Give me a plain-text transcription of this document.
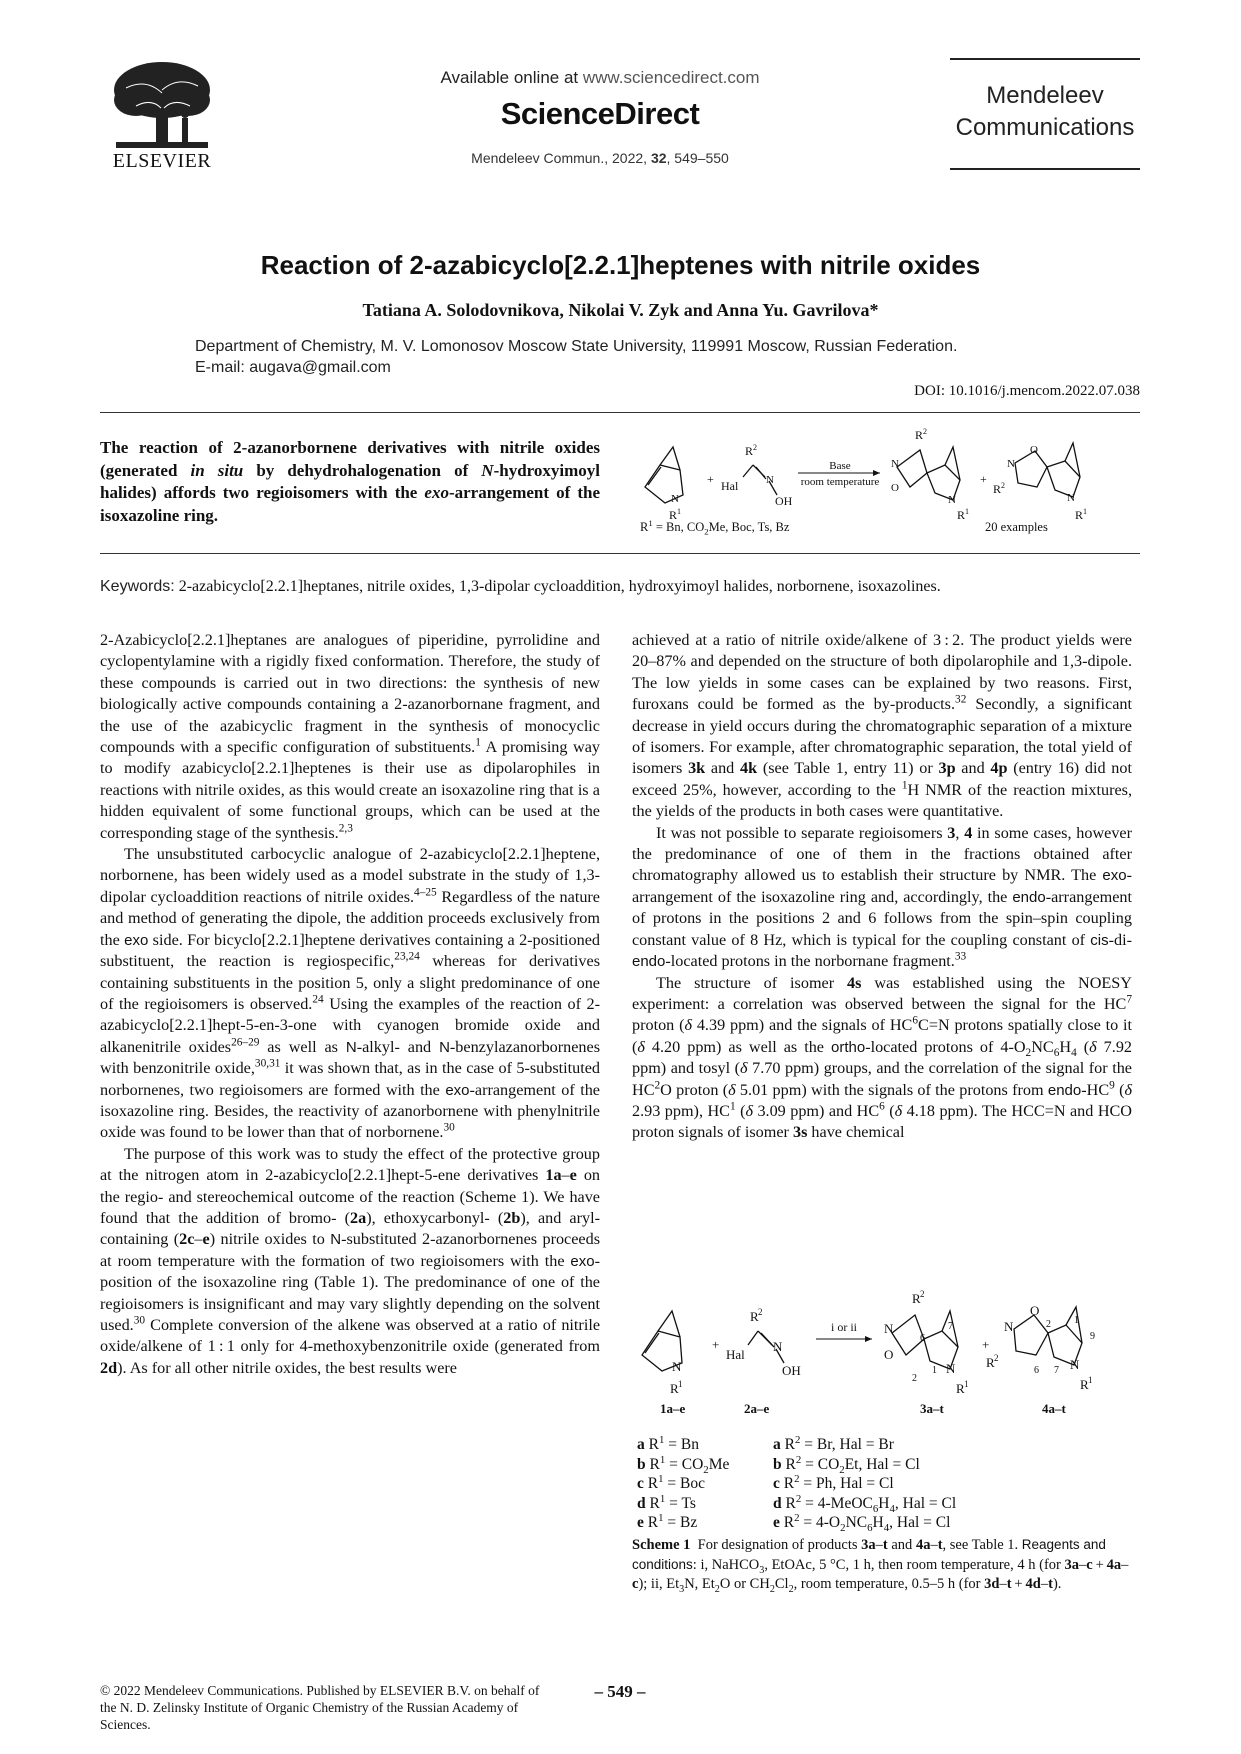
ELSEVIER
Available online at www.sciencedirect.com
ScienceDirect
Mendeleev Commun., 2022, 32, 549–550
Mendeleev
Communications
Reaction of 2-azabicyclo[2.2.1]heptenes with nitrile oxides
Tatiana A. Solodovnikova, Nikolai V. Zyk and Anna Yu. Gavrilova*
Department of Chemistry, M. V. Lomonosov Moscow State University, 119991 Moscow, Russian Federation.
E-mail: augava@gmail.com
DOI: 10.1016/j.mencom.2022.07.038
The reaction of 2-azanorbornene derivatives with nitrile oxides (generated in situ by dehydrohalogenation of N-hydroxyimoyl halides) affords two regioisomers with the exo-arrangement of the isoxazoline ring.
N
R 1
+
R 2
Hal	N
OH
Base
room temperature
R 2
N
O
N
R 1
+
N
O
R 2
N
R 1
$R^1 = Bn$, $CO_2Me$, Boc, Ts, Bz	20 examples
Keywords: 2-azabicyclo[2.2.1]heptanes, nitrile oxides, 1,3-dipolar cycloaddition, hydroxyimoyl halides, norbornene, isoxazolines.

2-Azabicyclo[2.2.1]heptanes are analogues of piperidine, pyrrolidine and cyclopentylamine with a rigidly fixed conformation. Therefore, the study of these compounds is carried out in two directions: the synthesis of new biologically active compounds containing a 2-azanorbornane fragment, and the use of the azabicyclic fragment in the synthesis of monocyclic compounds with a specific configuration of substituents.$^1$ A promising way to modify azabicyclo[2.2.1]heptenes is their use as dipolarophiles in reactions with nitrile oxides, as this would create an isoxazoline ring that is a hidden equivalent of some functional groups, which can be used at the corresponding stage of the synthesis.$^{2,3}$

The unsubstituted carbocyclic analogue of 2-azabicyclo[2.2.1]heptene, norbornene, has been widely used as a model substrate in the study of 1,3-dipolar cycloaddition reactions of nitrile oxides.$^{4-25}$ Regardless of the nature and method of generating the dipole, the addition proceeds exclusively from the exo side. For bicyclo[2.2.1]heptene derivatives containing a 2-positioned substituent, the reaction is regiospecific,$^{23,24}$ whereas for derivatives containing substituents in the position 5, only a slight predominance of one of the regioisomers is observed.$^{24}$ Using the examples of the reaction of 2-azabicyclo[2.2.1]hept-5-en-3-one with cyanogen bromide oxide and alkanenitrile oxides$^{26-29}$ as well as N-alkyl- and N-benzylazanorbornenes with benzonitrile oxide,$^{30,31}$ it was shown that, as in the case of 5-substituted norbornenes, two regioisomers are formed with the exo-arrangement of the isoxazoline ring. Besides, the reactivity of azanorbornene with phenylnitrile oxide was found to be lower than that of norbornene.$^{30}$

The purpose of this work was to study the effect of the protective group at the nitrogen atom in 2-azabicyclo[2.2.1]hept-5-ene derivatives 1a–e on the regio- and stereochemical outcome of the reaction (Scheme 1). We have found that the addition of bromo- (2a), ethoxycarbonyl- (2b), and aryl-containing (2c–e) nitrile oxides to N-substituted 2-azanorbornenes proceeds at room temperature with the formation of two regioisomers with the exo-position of the isoxazoline ring (Table 1). The predominance of one of the regioisomers is insignificant and may vary slightly depending on the solvent used.$^{30}$ Complete conversion of the alkene was observed at a ratio of nitrile oxide/alkene of 1 : 1 only for 4-methoxybenzonitrile oxide (generated from 2d). As for all other nitrile oxides, the best results were

achieved at a ratio of nitrile oxide/alkene of 3 : 2. The product yields were 20–87% and depended on the structure of both dipolarophile and 1,3-dipole. The low yields in some cases can be explained by two reasons. First, furoxans could be formed as the by-products.$^{32}$ Secondly, a significant decrease in yield occurs during the chromatographic separation of a mixture of isomers. For example, after chromatographic separation, the total yield of isomers 3k and 4k (see Table 1, entry 11) or 3p and 4p (entry 16) did not exceed 25%, however, according to the $^1$H NMR of the reaction mixtures, the yields of the products in both cases were quantitative.

It was not possible to separate regioisomers 3, 4 in some cases, however the predominance of one of them in the fractions obtained after chromatography allowed us to establish their structure by NMR. The exo-arrangement of the isoxazoline ring and, accordingly, the endo-arrangement of protons in the positions 2 and 6 follows from the spin–spin coupling constant value of 8 Hz, which is typical for the coupling constant of cis-di-endo-located protons in the norbornane fragment.$^{33}$

The structure of isomer 4s was established using the NOESY experiment: a correlation was observed between the signal for the $HC^7$ proton (δ 4.39 ppm) and the signals of $HC^6C=N$ protons spatially close to it (δ 4.20 ppm) as well as the ortho-located protons of $4-O_2NC_6H_4$ (δ 7.92 ppm) and tosyl (δ 7.70 ppm) groups, and the correlation of the signal for the $HC^2O$ proton (δ 5.01 ppm) with the signals of the protons from endo-$HC^9$ (δ 2.93 ppm), $HC^1$ (δ 3.09 ppm) and $HC^6$ (δ 4.18 ppm). The HCC=N and HCO proton signals of isomer 3s have chemical

N
R 1
+
R 2
Hal
N
OH
i or ii
R 2
N
O
6
7
2
1 N
R 1
+
N
O
2 1
9
6 7
R 2	N
R 1
1a–e	2a–e	3a–t	4a–t
a $R^1 = Bn$	a $R^2 = Br$, Hal = Br
b $R^1 = CO_2Me$	b $R^2 = CO_2Et$, Hal = Cl
c $R^1$ = Boc	c $R^2 = Ph$, Hal = Cl
d $R^1 = Ts$	d $R^2$ = $4-MeOC_6H_4$, Hal = Cl
e $R^1 = Bz$	e $R^2 = 4-O_2NC_6H_4$, Hal = Cl
Scheme 1  For designation of products 3a–t and 4a–t, see Table 1. Reagents and conditions: i, NaHCO$_3$, EtOAc, 5 °C, 1 h, then room temperature, 4 h (for 3a–c + 4a–c); ii, $Et_3N$, $Et_2O$ or $CH_2Cl_2$, room temperature, 0.5–5 h (for 3d–t + 4d–t).
© 2022 Mendeleev Communications. Published by ELSEVIER B.V. on behalf of the N. D. Zelinsky Institute of Organic Chemistry of the Russian Academy of Sciences.
– 549 –
